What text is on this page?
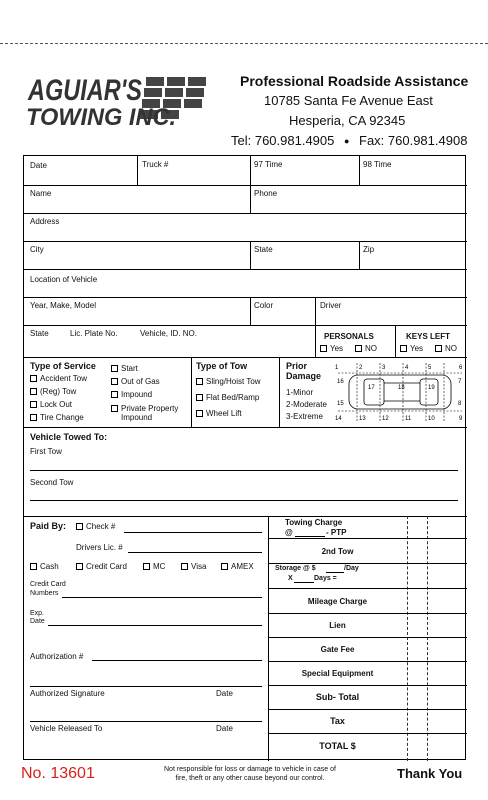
AGUIAR'S
TOWING INC.
Professional Roadside Assistance
10785 Santa Fe Avenue East
Hesperia, CA 92345
Tel: 760.981.4905 ● Fax: 760.981.4908
Date	Truck #	97 Time	98 Time
Name	Phone
Address
City	State	Zip
Location of Vehicle
Year, Make, Model	Color	Driver
State	Lic. Plate No.	Vehicle, ID. NO.	PERSONALS	KEYS LEFT
Yes	NO	Yes	NO
Type of Service
Accident Tow
(Reg) Tow
Lock Out
Tire Change
Start
Out of Gas
Impound
Private Property
Impound
Type of Tow
Sling/Hoist Tow
Flat Bed/Ramp
Wheel Lift
Prior
Damage
1-Minor
2-Moderate
3-Extreme
1	2	3	4	5	6
16
17	18	19
7
15	8
14	13	12	11	10	9
Vehicle Towed To:
First Tow
Second Tow
Paid By:	Check #
Drivers Lic. #
Cash	Credit Card	MC	Visa	AMEX
Credit Card
Numbers
Exp.
Date
Authorization #
Authorized Signature	Date
Vehicle Released To	Date
Towing Charge
@	- PTP
2nd Tow
Storage @ $	/Day
X	Days =
Mileage Charge
Lien
Gate Fee
Special Equipment
Sub- Total
Tax
TOTAL $
No. 13601	Not responsible for loss or damage to vehicle in case of
fire, theft or any other cause beyond our control.	Thank You
